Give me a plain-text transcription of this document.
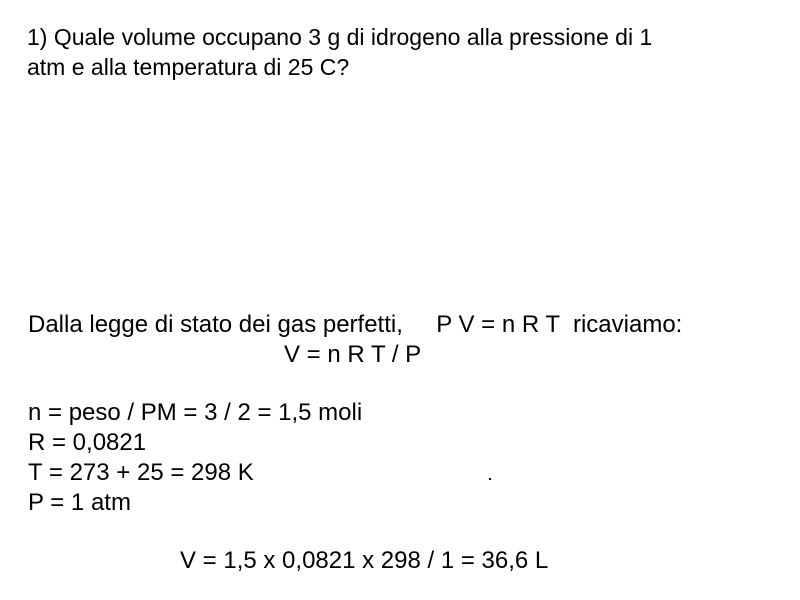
1) Quale volume occupano 3 g di idrogeno alla pressione di 1
atm e alla temperatura di 25 C?
Dalla legge di stato dei gas perfetti,     P V = n R T  ricaviamo:
V = n R T / P
n = peso / PM = 3 / 2 = 1,5 moli
R = 0,0821
T = 273 + 25 = 298 K
P = 1 atm
V = 1,5 x 0,0821 x 298 / 1 = 36,6 L
